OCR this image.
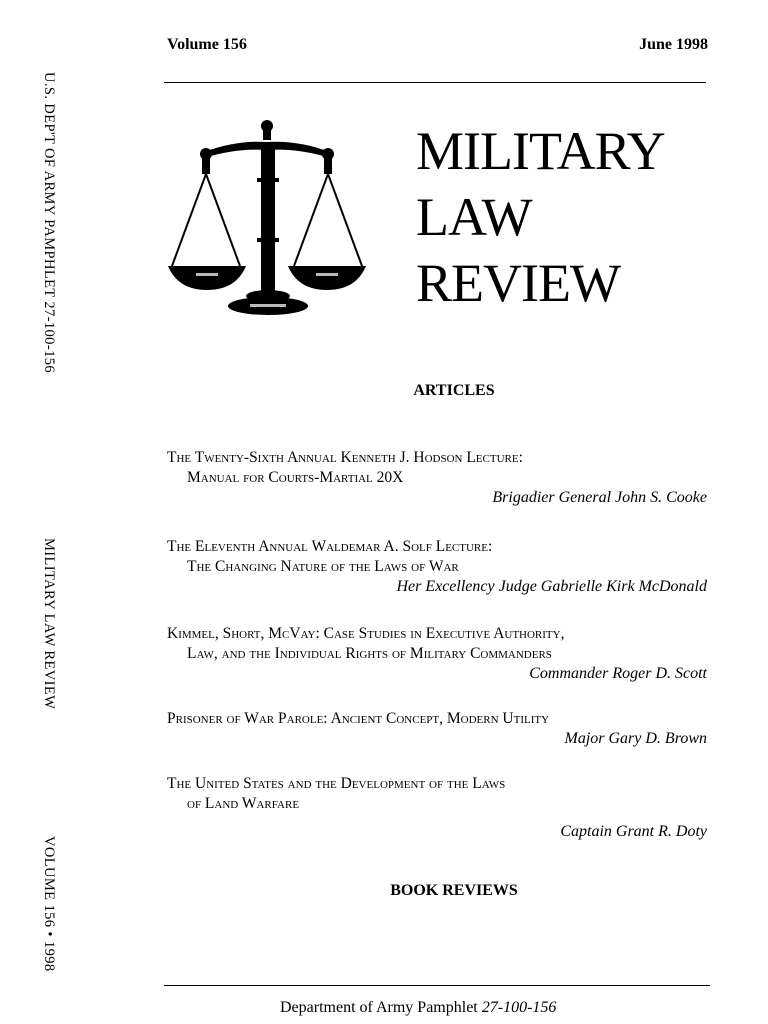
U.S. DEP'T OF ARMY PAMPHLET 27-100-156
MILITARY LAW REVIEW
VOLUME 156 • 1998
Volume 156	June 1998
MILITARY
LAW
REVIEW
ARTICLES
The Twenty-Sixth Annual Kenneth J. Hodson Lecture:
Manual for Courts-Martial 20X
Brigadier General John S. Cooke
The Eleventh Annual Waldemar A. Solf Lecture:
The Changing Nature of the Laws of War
Her Excellency Judge Gabrielle Kirk McDonald
Kimmel, Short, McVay: Case Studies in Executive Authority,
Law, and the Individual Rights of Military Commanders
Commander Roger D. Scott
Prisoner of War Parole: Ancient Concept, Modern Utility
Major Gary D. Brown
The United States and the Development of the Laws
of Land Warfare
Captain Grant R. Doty
BOOK REVIEWS
Department of Army Pamphlet 27-100-156
